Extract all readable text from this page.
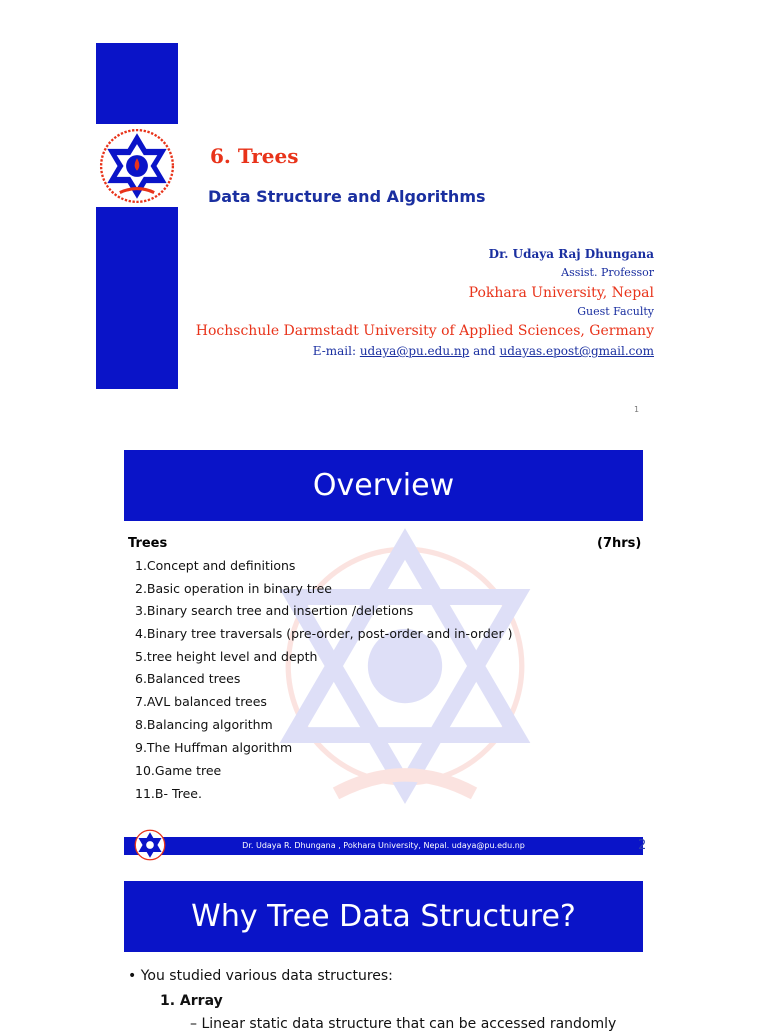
6. Trees
Data Structure and Algorithms
Dr. Udaya Raj Dhungana
Assist. Professor
Pokhara University, Nepal
Guest Faculty
Hochschule Darmstadt University of Applied Sciences, Germany
E-mail: udaya@pu.edu.np and udayas.epost@gmail.com
1
Overview
Trees	(7hrs)
1.Concept and definitions
2.Basic operation in binary tree
3.Binary search tree and insertion /deletions
4.Binary tree traversals (pre-order, post-order and in-order )
5.tree height level and depth
6.Balanced trees
7.AVL balanced trees
8.Balancing algorithm
9.The Huffman algorithm
10.Game tree
11.B- Tree.
Dr. Udaya R. Dhungana , Pokhara University, Nepal. udaya@pu.edu.np	2
Why Tree Data Structure?
• You studied various data structures:
1. Array
– Linear static data structure that can be accessed randomly
